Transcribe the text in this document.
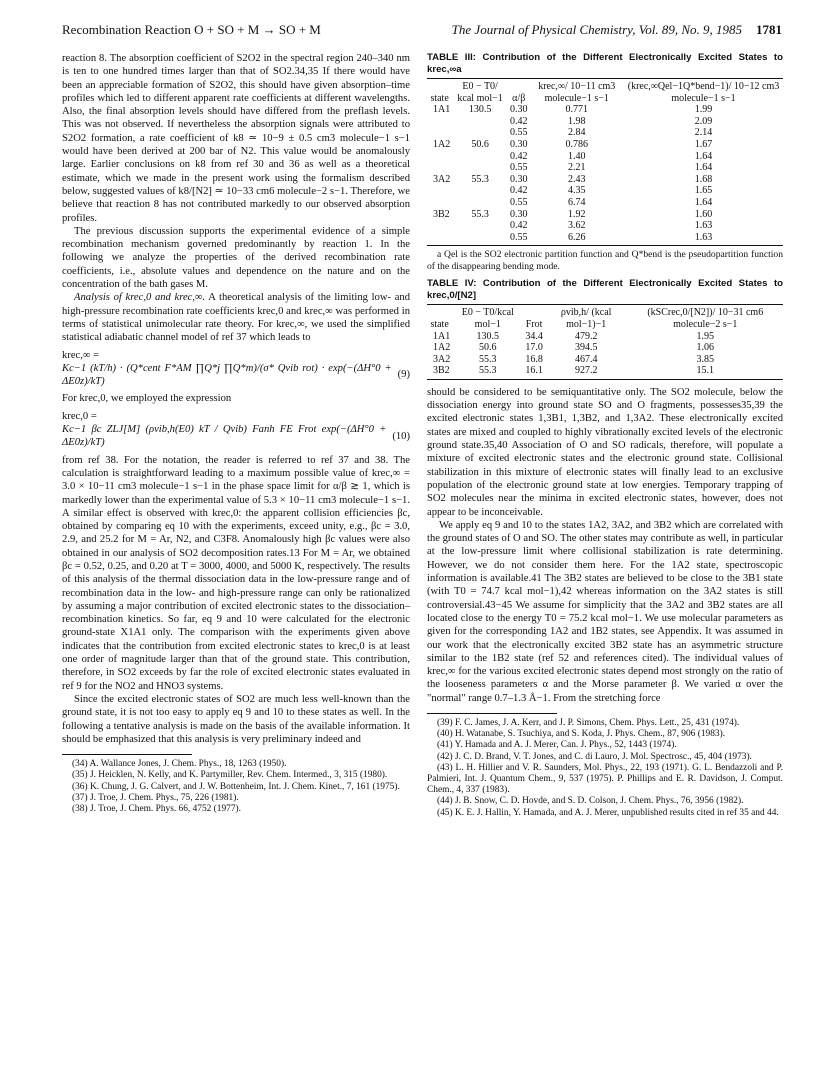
Recombination Reaction O + SO + M → SO + M	The Journal of Physical Chemistry, Vol. 89, No. 9, 1985 1781

reaction 8. The absorption coefficient of S2O2 in the spectral region 240–340 nm is ten to one hundred times larger than that of SO2.34,35 If there would have been an appreciable formation of S2O2, this should have given absorption–time profiles which led to different apparent rate coefficients at different wavelengths. Also, the final absorption levels should have differed from the preflash levels. This was not observed. If nevertheless the absorption signals were attributed to S2O2 formation, a rate coefficient of k8 ≃ 10−9 ± 0.5 cm3 molecule−1 s−1 would have been derived at 200 bar of N2. This value would be anomalously large. Earlier conclusions on k8 from ref 30 and 36 as well as a theoretical estimate, which we made in the present work using the formalism described below, suggested values of k8/[N2] ≃ 10−33 cm6 molecule−2 s−1. Therefore, we believe that reaction 8 has not contributed markedly to our observed absorption profiles.

The previous discussion supports the experimental evidence of a simple recombination mechanism governed predominantly by reaction 1. In the following we analyze the properties of the derived recombination rate coefficients, i.e., absolute values and dependence on the nature and on the concentration of the bath gases M.

Analysis of krec,0 and krec,∞. A theoretical analysis of the limiting low- and high-pressure recombination rate coefficients krec,0 and krec,∞ was performed in terms of statistical unimolecular rate theory. For krec,∞, we used the simplified statistical adiabatic channel model of ref 37 which leads to

krec,∞ =
Kc−1 (kT/h) · (Q*cent F*AM ∏Q*j ∏Q*m)/(σ* Qvib rot) · exp(−(ΔH°0 + ΔE0z)/kT)
(9)

For krec,0, we employed the expression

krec,0 =
Kc−1 βc ZLJ[M] (ρvib,h(E0) kT / Qvib) Fanh FE Frot exp(−(ΔH°0 + ΔE0z)/kT)
(10)

from ref 38. For the notation, the reader is referred to ref 37 and 38. The calculation is straightforward leading to a maximum possible value of krec,∞ = 3.0 × 10−11 cm3 molecule−1 s−1 in the phase space limit for α/β ≳ 1, which is markedly lower than the experimental value of 5.3 × 10−11 cm3 molecule−1 s−1. A similar effect is observed with krec,0: the apparent collision efficiencies βc, obtained by comparing eq 10 with the experiments, exceed unity, e.g., βc = 3.0, 2.9, and 25.2 for M = Ar, N2, and C3F8. Anomalously high βc values were also obtained in our analysis of SO2 decomposition rates.13 For M = Ar, we obtained βc = 0.52, 0.25, and 0.20 at T = 3000, 4000, and 5000 K, respectively. The results of this analysis of the thermal dissociation data in the low-pressure range and of recombination data in the low- and high-pressure range can only be rationalized by assuming a major contribution of excited electronic states to the dissociation–recombination kinetics. So far, eq 9 and 10 were calculated for the electronic ground-state X1A1 only. The comparison with the experiments given above indicates that the contribution from excited electronic states to krec,0 is at least one order of magnitude larger than that of the ground state. This contribution, therefore, in SO2 exceeds by far the role of excited electronic states evaluated in ref 9 for the NO2 and HNO3 systems.

Since the excited electronic states of SO2 are much less well-known than the ground state, it is not too easy to apply eq 9 and 10 to these states as well. In the following a tentative analysis is made on the basis of the available information. It should be emphasized that this analysis is very preliminary indeed and

(34) A. Wallance Jones, J. Chem. Phys., 18, 1263 (1950).

(35) J. Heicklen, N. Kelly, and K. Partymiller, Rev. Chem. Intermed., 3, 315 (1980).

(36) K. Chung, J. G. Calvert, and J. W. Bottenheim, Int. J. Chem. Kinet., 7, 161 (1975).

(37) J. Troe, J. Chem. Phys., 75, 226 (1981).

(38) J. Troe, J. Chem. Phys. 66, 4752 (1977).

TABLE III: Contribution of the Different Electronically Excited States to krec,∞a
state	E0 − T0/ kcal mol−1	α/β	krec,∞/ 10−11 cm3 molecule−1 s−1	(krec,∞Qel−1Q*bend−1)/ 10−12 cm3 molecule−1 s−1

1A1	130.5	0.30	0.771	1.99
		0.42	1.98	2.09
		0.55	2.84	2.14
1A2	50.6	0.30	0.786	1.67
		0.42	1.40	1.64
		0.55	2.21	1.64
3A2	55.3	0.30	2.43	1.68
		0.42	4.35	1.65
		0.55	6.74	1.64
3B2	55.3	0.30	1.92	1.60
		0.42	3.62	1.63
		0.55	6.26	1.63
a Qel is the SO2 electronic partition function and Q*bend is the pseudopartition function of the disappearing bending mode.
TABLE IV: Contribution of the Different Electronically Excited States to krec,0/[N2]
state	E0 − T0/kcal mol−1	Frot	ρvib,h/ (kcal mol−1)−1	(kSCrec,0/[N2])/ 10−31 cm6 molecule−2 s−1

1A1	130.5	34.4	479.2	1.95
1A2	50.6	17.0	394.5	1.06
3A2	55.3	16.8	467.4	3.85
3B2	55.3	16.1	927.2	15.1

should be considered to be semiquantitative only. The SO2 molecule, below the dissociation energy into ground state SO and O fragments, possesses35,39 the excited electronic states 1,3B1, 1,3B2, and 1,3A2. These electronically excited states are mixed and coupled to highly vibrationally excited levels of the electronic ground state.35,40 Association of O and SO radicals, therefore, will populate a mixture of excited electronic states and the electronic ground state. Collisional stabilization in this mixture of electronic states will finally lead to an exclusive population of the electronic ground state at low energies. Temporary trapping of SO2 molecules near the minima in excited electronic states, however, does not appear to be inconceivable.

We apply eq 9 and 10 to the states 1A2, 3A2, and 3B2 which are correlated with the ground states of O and SO. The other states may contribute as well, in particular at the low-pressure limit where collisional stabilization is rate determining. However, we do not consider them here. For the 1A2 state, spectroscopic information is available.41 The 3B2 states are believed to be close to the 3B1 state (with T0 = 74.7 kcal mol−1),42 whereas information on the 3A2 states is still controversial.43−45 We assume for simplicity that the 3A2 and 3B2 states are all located close to the energy T0 = 75.2 kcal mol−1. We use molecular parameters as given for the corresponding 1A2 and 1B2 states, see Appendix. It was assumed in our work that the electronically excited 3B2 state has an asymmetric structure similar to the 1B2 state (ref 52 and references cited). The individual values of krec,∞ for the various excited electronic states depend most strongly on the ratio of the looseness parameters α and the Morse parameter β. We varied α over the "normal" range 0.7–1.3 Å−1. From the stretching force

(39) F. C. James, J. A. Kerr, and J. P. Simons, Chem. Phys. Lett., 25, 431 (1974).

(40) H. Watanabe, S. Tsuchiya, and S. Koda, J. Phys. Chem., 87, 906 (1983).

(41) Y. Hamada and A. J. Merer, Can. J. Phys., 52, 1443 (1974).

(42) J. C. D. Brand, V. T. Jones, and C. di Lauro, J. Mol. Spectrosc., 45, 404 (1973).

(43) L. H. Hillier and V. R. Saunders, Mol. Phys., 22, 193 (1971). G. L. Bendazzoli and P. Palmieri, Int. J. Quantum Chem., 9, 537 (1975). P. Phillips and E. R. Davidson, J. Comput. Chem., 4, 337 (1983).

(44) J. B. Snow, C. D. Hovde, and S. D. Colson, J. Chem. Phys., 76, 3956 (1982).

(45) K. E. J. Hallin, Y. Hamada, and A. J. Merer, unpublished results cited in ref 35 and 44.
